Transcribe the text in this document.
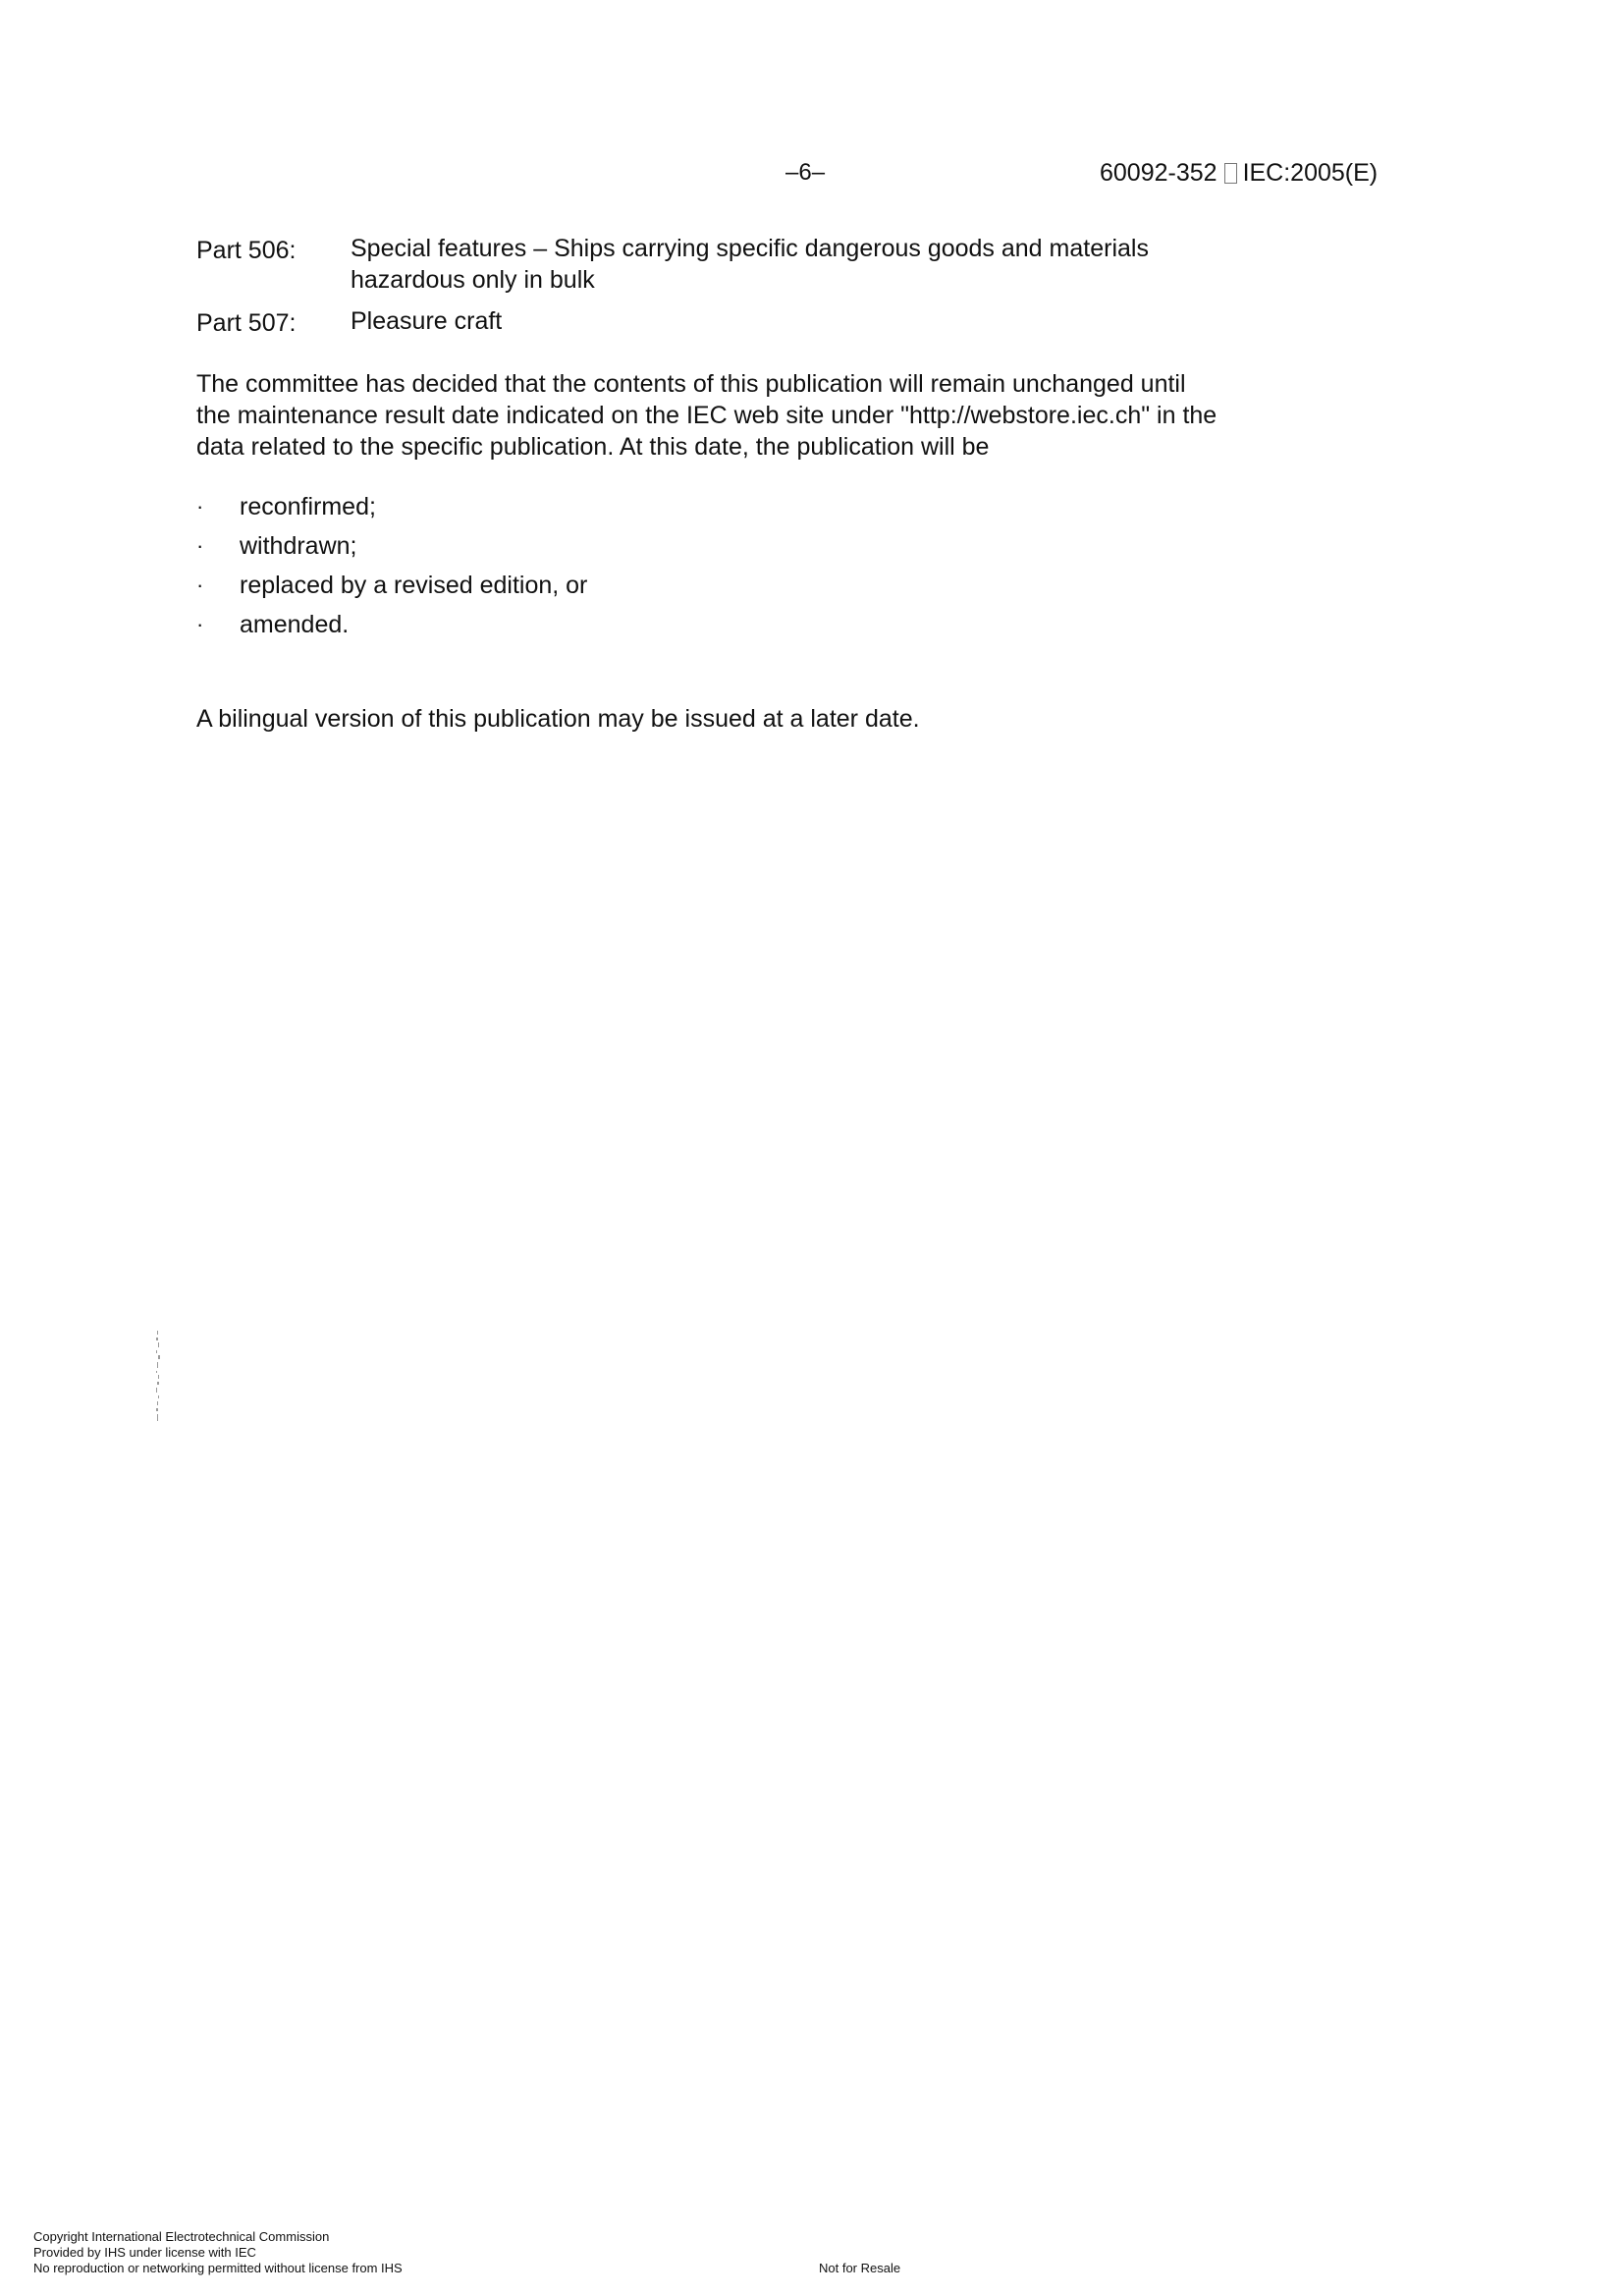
–6–	60092-352 IEC:2005(E)
Part 506:	Special features – Ships carrying specific dangerous goods and materials hazardous only in bulk
Part 507:	Pleasure craft

The committee has decided that the contents of this publication will remain unchanged until the maintenance result date indicated on the IEC web site under "http://webstore.iec.ch" in the data related to the specific publication. At this date, the publication will be

·	reconfirmed;
·	withdrawn;
·	replaced by a revised edition, or
·	amended.

A bilingual version of this publication may be issued at a later date.

Copyright International Electrotechnical Commission
Provided by IHS under license with IEC
No reproduction or networking permitted without license from IHS	Not for Resale
